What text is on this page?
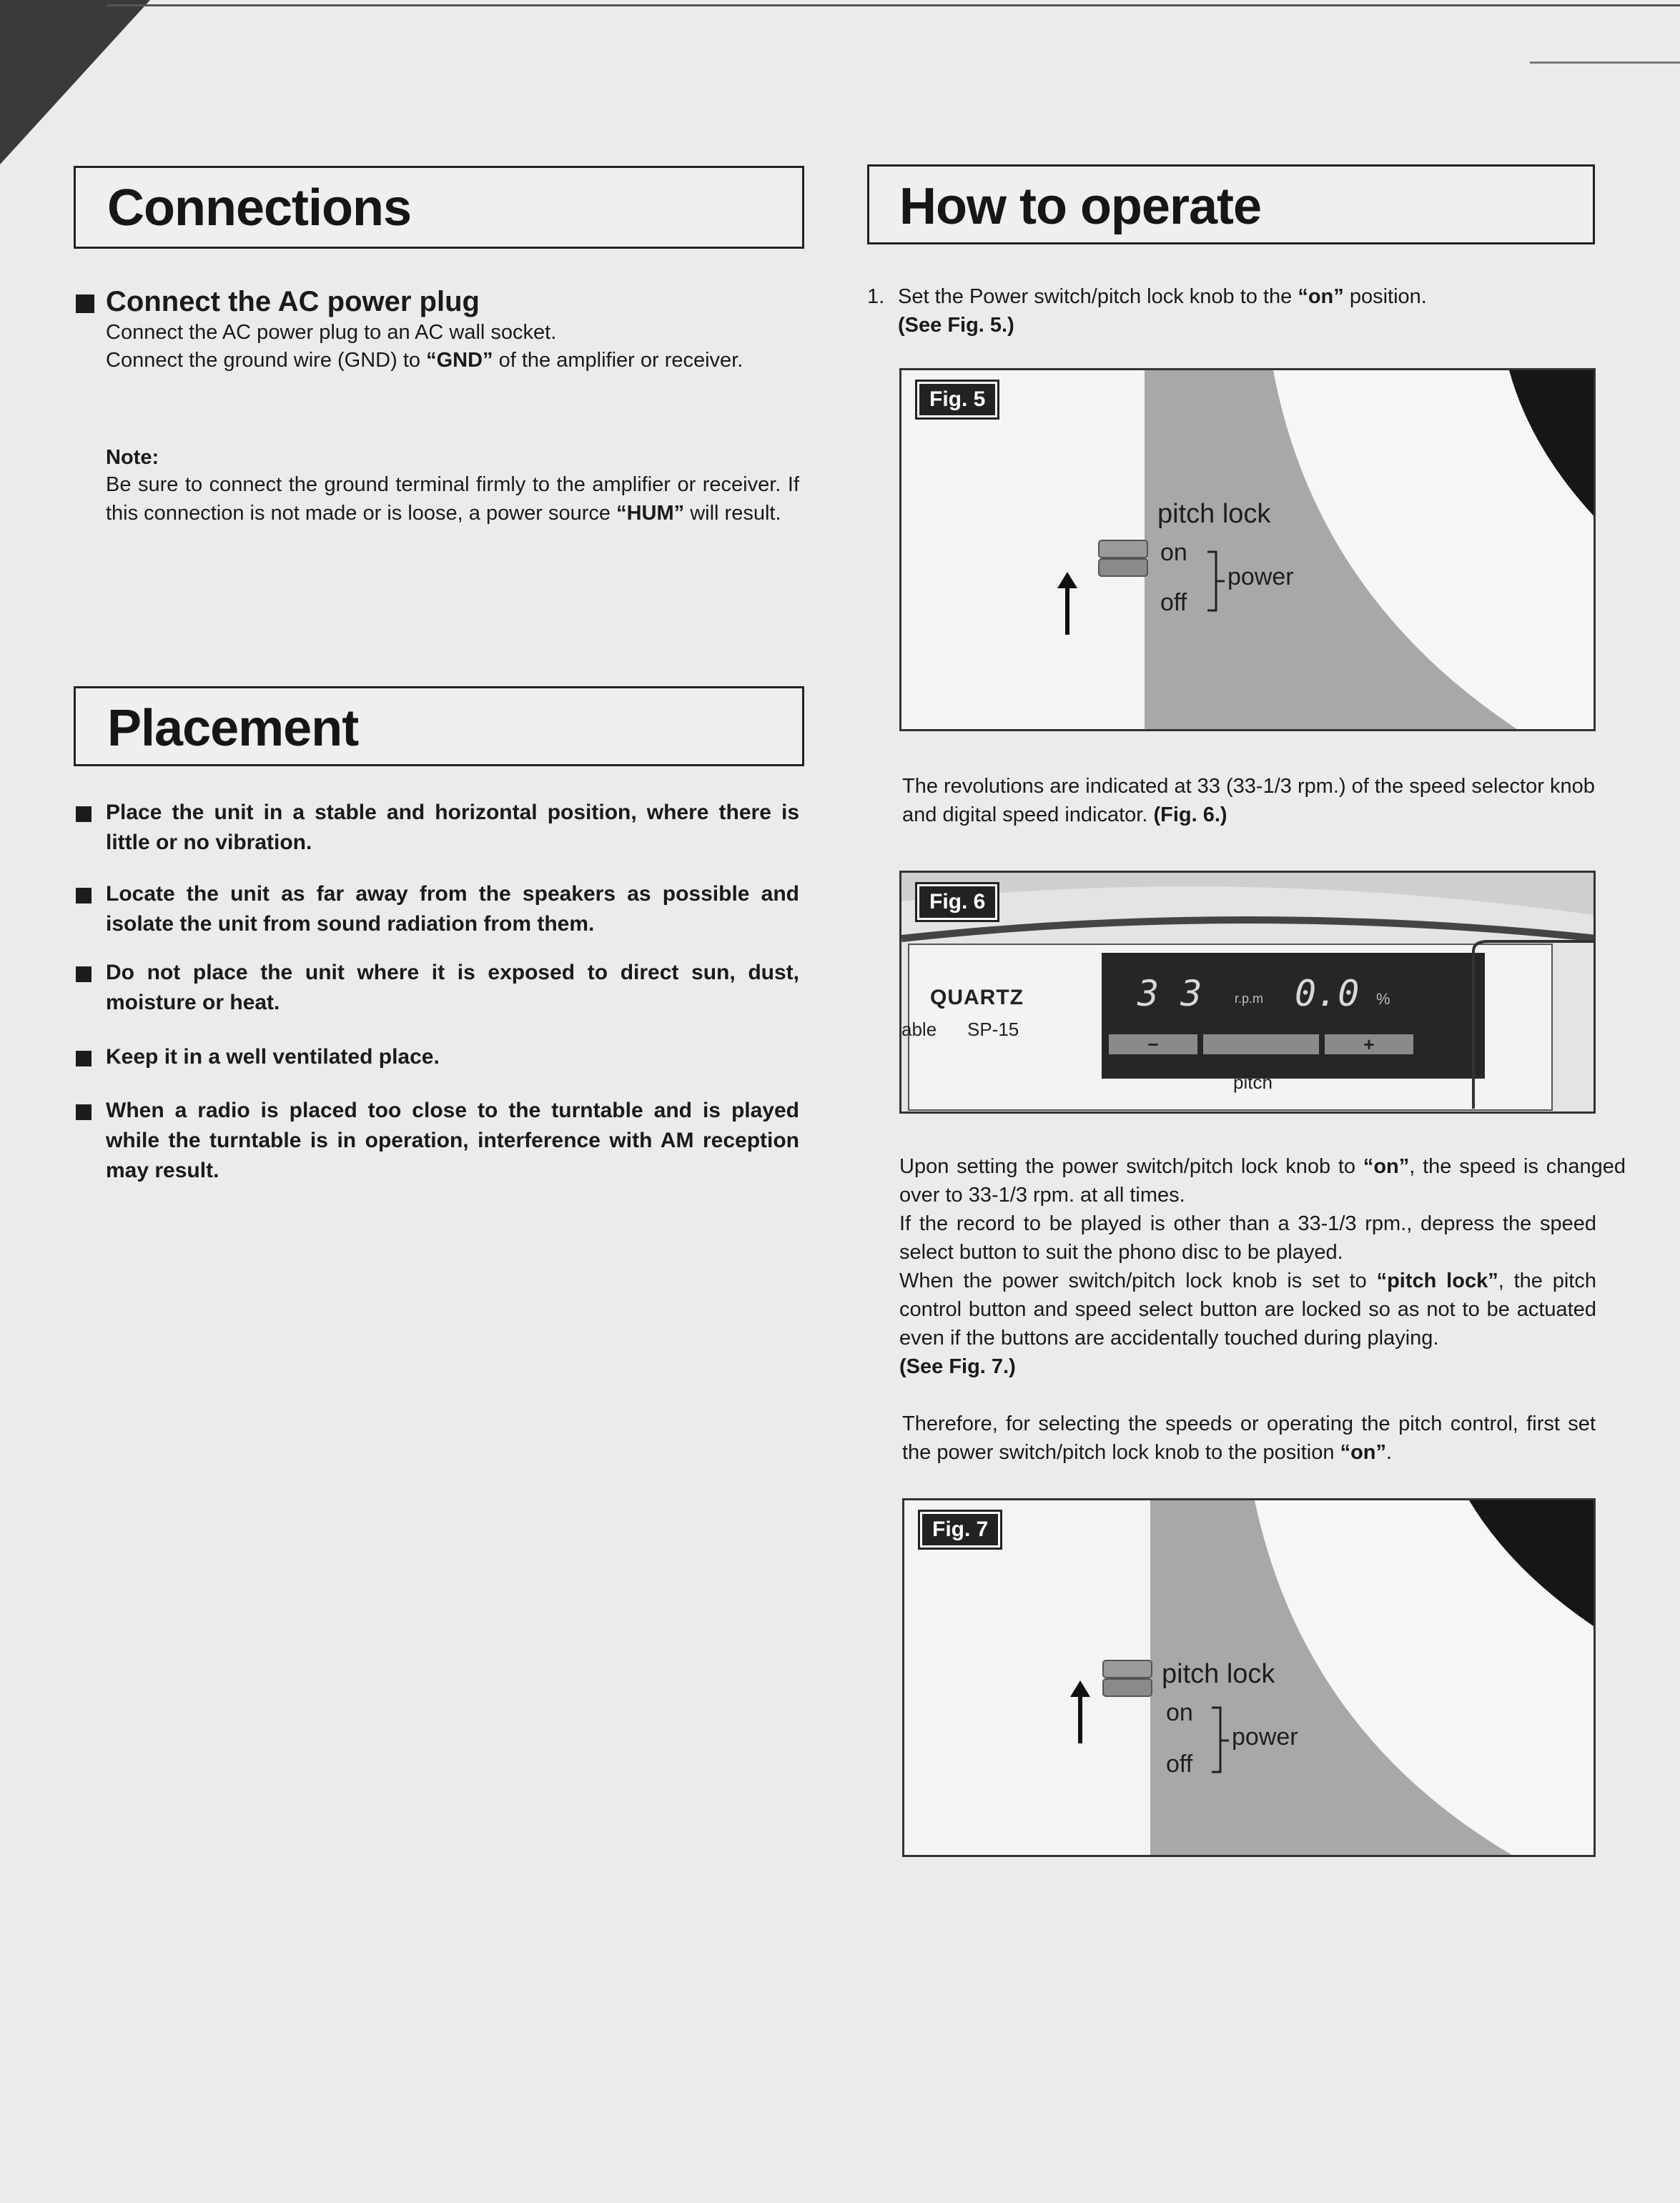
Connections
Connect the AC power plug
Connect the AC power plug to an AC wall socket.
Connect the ground wire (GND) to “GND” of the amplifier or receiver.
Note:
Be sure to connect the ground terminal firmly to the amplifier or receiver. If this connection is not made or is loose, a power source “HUM” will result.
Placement
Place the unit in a stable and horizontal position, where there is little or no vibration.
Locate the unit as far away from the speakers as possible and isolate the unit from sound radiation from them.
Do not place the unit where it is exposed to direct sun, dust, moisture or heat.
Keep it in a well ventilated place.
When a radio is placed too close to the turntable and is played while the turntable is in operation, interference with AM reception may result.
How to operate
1. Set the Power switch/pitch lock knob to the “on” position.
(See Fig. 5.)
Fig. 5
pitch lock
on
power
off
The revolutions are indicated at 33 (33-1/3 rpm.) of the speed selector knob and digital speed indicator. (Fig. 6.)
Fig. 6
QUARTZ
able SP-15
3 3	r.p.m 0.0 %
−	+
pitch
Upon setting the power switch/pitch lock knob to “on”, the speed is changed over to 33-1/3 rpm. at all times.
If the record to be played is other than a 33-1/3 rpm., depress the speed select button to suit the phono disc to be played.
When the power switch/pitch lock knob is set to “pitch lock”, the pitch control button and speed select button are locked so as not to be actuated even if the buttons are accidentally touched during playing.
(See Fig. 7.)
Therefore, for selecting the speeds or operating the pitch control, first set the power switch/pitch lock knob to the position “on”.
Fig. 7
pitch lock
on
power
off
